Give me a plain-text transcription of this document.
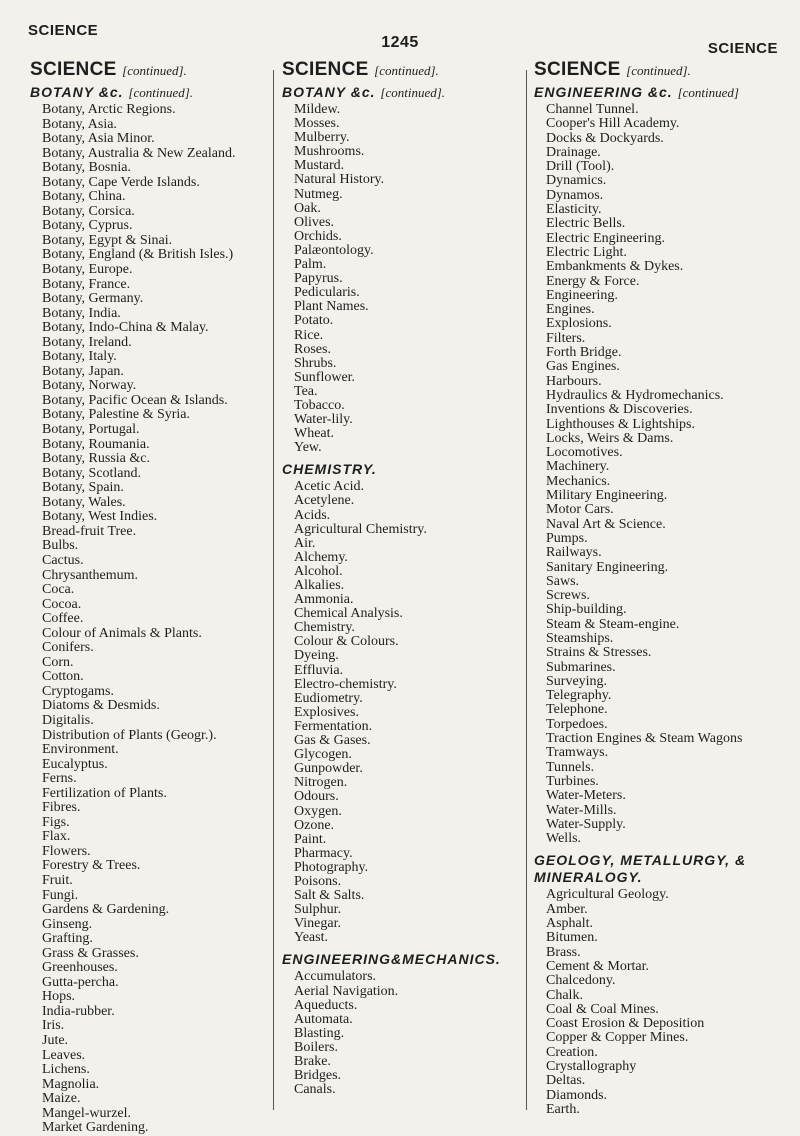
SCIENCE
1245	SCIENCE
SCIENCE [continued].
BOTANY &c. [continued].
Botany, Arctic Regions.
Botany, Asia.
Botany, Asia Minor.
Botany, Australia & New Zealand.
Botany, Bosnia.
Botany, Cape Verde Islands.
Botany, China.
Botany, Corsica.
Botany, Cyprus.
Botany, Egypt & Sinai.
Botany, England (& British Isles.)
Botany, Europe.
Botany, France.
Botany, Germany.
Botany, India.
Botany, Indo-China & Malay.
Botany, Ireland.
Botany, Italy.
Botany, Japan.
Botany, Norway.
Botany, Pacific Ocean & Islands.
Botany, Palestine & Syria.
Botany, Portugal.
Botany, Roumania.
Botany, Russia &c.
Botany, Scotland.
Botany, Spain.
Botany, Wales.
Botany, West Indies.
Bread-fruit Tree.
Bulbs.
Cactus.
Chrysanthemum.
Coca.
Cocoa.
Coffee.
Colour of Animals & Plants.
Conifers.
Corn.
Cotton.
Cryptogams.
Diatoms & Desmids.
Digitalis.
Distribution of Plants (Geogr.).
Environment.
Eucalyptus.
Ferns.
Fertilization of Plants.
Fibres.
Figs.
Flax.
Flowers.
Forestry & Trees.
Fruit.
Fungi.
Gardens & Gardening.
Ginseng.
Grafting.
Grass & Grasses.
Greenhouses.
Gutta-percha.
Hops.
India-rubber.
Iris.
Jute.
Leaves.
Lichens.
Magnolia.
Maize.
Mangel-wurzel.
Market Gardening.
SCIENCE [continued].
BOTANY &c. [continued].
Mildew.
Mosses.
Mulberry.
Mushrooms.
Mustard.
Natural History.
Nutmeg.
Oak.
Olives.
Orchids.
Palæontology.
Palm.
Papyrus.
Pedicularis.
Plant Names.
Potato.
Rice.
Roses.
Shrubs.
Sunflower.
Tea.
Tobacco.
Water-lily.
Wheat.
Yew.
CHEMISTRY.
Acetic Acid.
Acetylene.
Acids.
Agricultural Chemistry.
Air.
Alchemy.
Alcohol.
Alkalies.
Ammonia.
Chemical Analysis.
Chemistry.
Colour & Colours.
Dyeing.
Effluvia.
Electro-chemistry.
Eudiometry.
Explosives.
Fermentation.
Gas & Gases.
Glycogen.
Gunpowder.
Nitrogen.
Odours.
Oxygen.
Ozone.
Paint.
Pharmacy.
Photography.
Poisons.
Salt & Salts.
Sulphur.
Vinegar.
Yeast.
ENGINEERING&MECHANICS.
Accumulators.
Aerial Navigation.
Aqueducts.
Automata.
Blasting.
Boilers.
Brake.
Bridges.
Canals.
SCIENCE [continued].
ENGINEERING &c. [continued]
Channel Tunnel.
Cooper's Hill Academy.
Docks & Dockyards.
Drainage.
Drill (Tool).
Dynamics.
Dynamos.
Elasticity.
Electric Bells.
Electric Engineering.
Electric Light.
Embankments & Dykes.
Energy & Force.
Engineering.
Engines.
Explosions.
Filters.
Forth Bridge.
Gas Engines.
Harbours.
Hydraulics & Hydromechanics.
Inventions & Discoveries.
Lighthouses & Lightships.
Locks, Weirs & Dams.
Locomotives.
Machinery.
Mechanics.
Military Engineering.
Motor Cars.
Naval Art & Science.
Pumps.
Railways.
Sanitary Engineering.
Saws.
Screws.
Ship-building.
Steam & Steam-engine.
Steamships.
Strains & Stresses.
Submarines.
Surveying.
Telegraphy.
Telephone.
Torpedoes.
Traction Engines & Steam Wagons
Tramways.
Tunnels.
Turbines.
Water-Meters.
Water-Mills.
Water-Supply.
Wells.
GEOLOGY, METALLURGY, & MINERALOGY.
Agricultural Geology.
Amber.
Asphalt.
Bitumen.
Brass.
Cement & Mortar.
Chalcedony.
Chalk.
Coal & Coal Mines.
Coast Erosion & Deposition
Copper & Copper Mines.
Creation.
Crystallography
Deltas.
Diamonds.
Earth.
